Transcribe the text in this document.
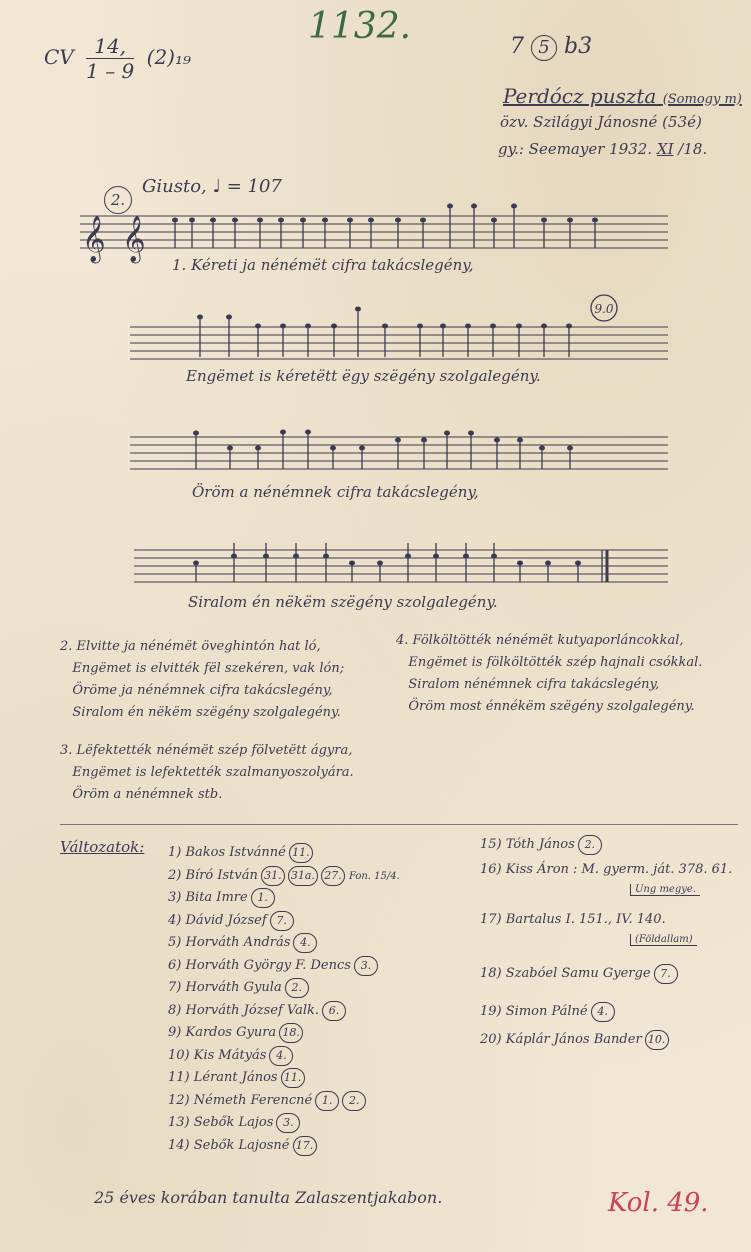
CV $\frac{14,}{1 - 9} (2)_{19}$
1132.	7 5 b3
Perdócz puszta (Somogy m)
özv. Szilágyi Jánosné (53é)
gy.: Seemayer 1932. XI /18.
2.
Giusto, ♩ = 107
𝄞 𝄞
9.0
1. Kéreti ja nénémët cifra takácslegény,
Engëmet is kéretëtt ëgy szëgény szolgalegény.
Öröm a nénémnek cifra takácslegény,
Siralom én nëkëm szëgény szolgalegény.
2. Elvitte ja nénémët öveghintón hat ló,
Engëmet is elvitték fël szekéren, vak lón;
Öröme ja nénémnek cifra takácslegény,
Siralom én nëkëm szëgény szolgalegény.
3. Lëfektették nénémët szép fölvetëtt ágyra,
Engëmet is lefektették szalmanyoszolyára.
Öröm a nénémnek stb.
4. Fölköltötték nénémët kutyaporláncokkal,
Engëmet is fölköltötték szép hajnali csókkal.
Siralom nénémnek cifra takácslegény,
Öröm most énnékëm szëgény szolgalegény.
Változatok: 1) Bakos Istvánné 11.
2) Bíró István 31. 31a. 27. Fon. 15/4.
3) Bita Imre 1.
4) Dávid József 7.
5) Horváth András 4.
6) Horváth György F. Dencs 3.
7) Horváth Gyula 2.
8) Horváth József Valk. 6.
9) Kardos Gyura 18.
10) Kis Mátyás 4.
11) Lérant János 11.
12) Németh Ferencné 1. 2.
13) Sebők Lajos 3.
14) Sebők Lajosné 17.
15) Tóth János 2.
16) Kiss Áron : M. gyerm. ját. 378. 61.
Ung megye.
17) Bartalus I. 151., IV. 140.
(Földallam)
18) Szabóel Samu Gyerge 7.
19) Simon Pálné 4.
20) Káplár János Bander 10.
25 éves korában tanulta Zalaszentjakabon.	Kol. 49.
